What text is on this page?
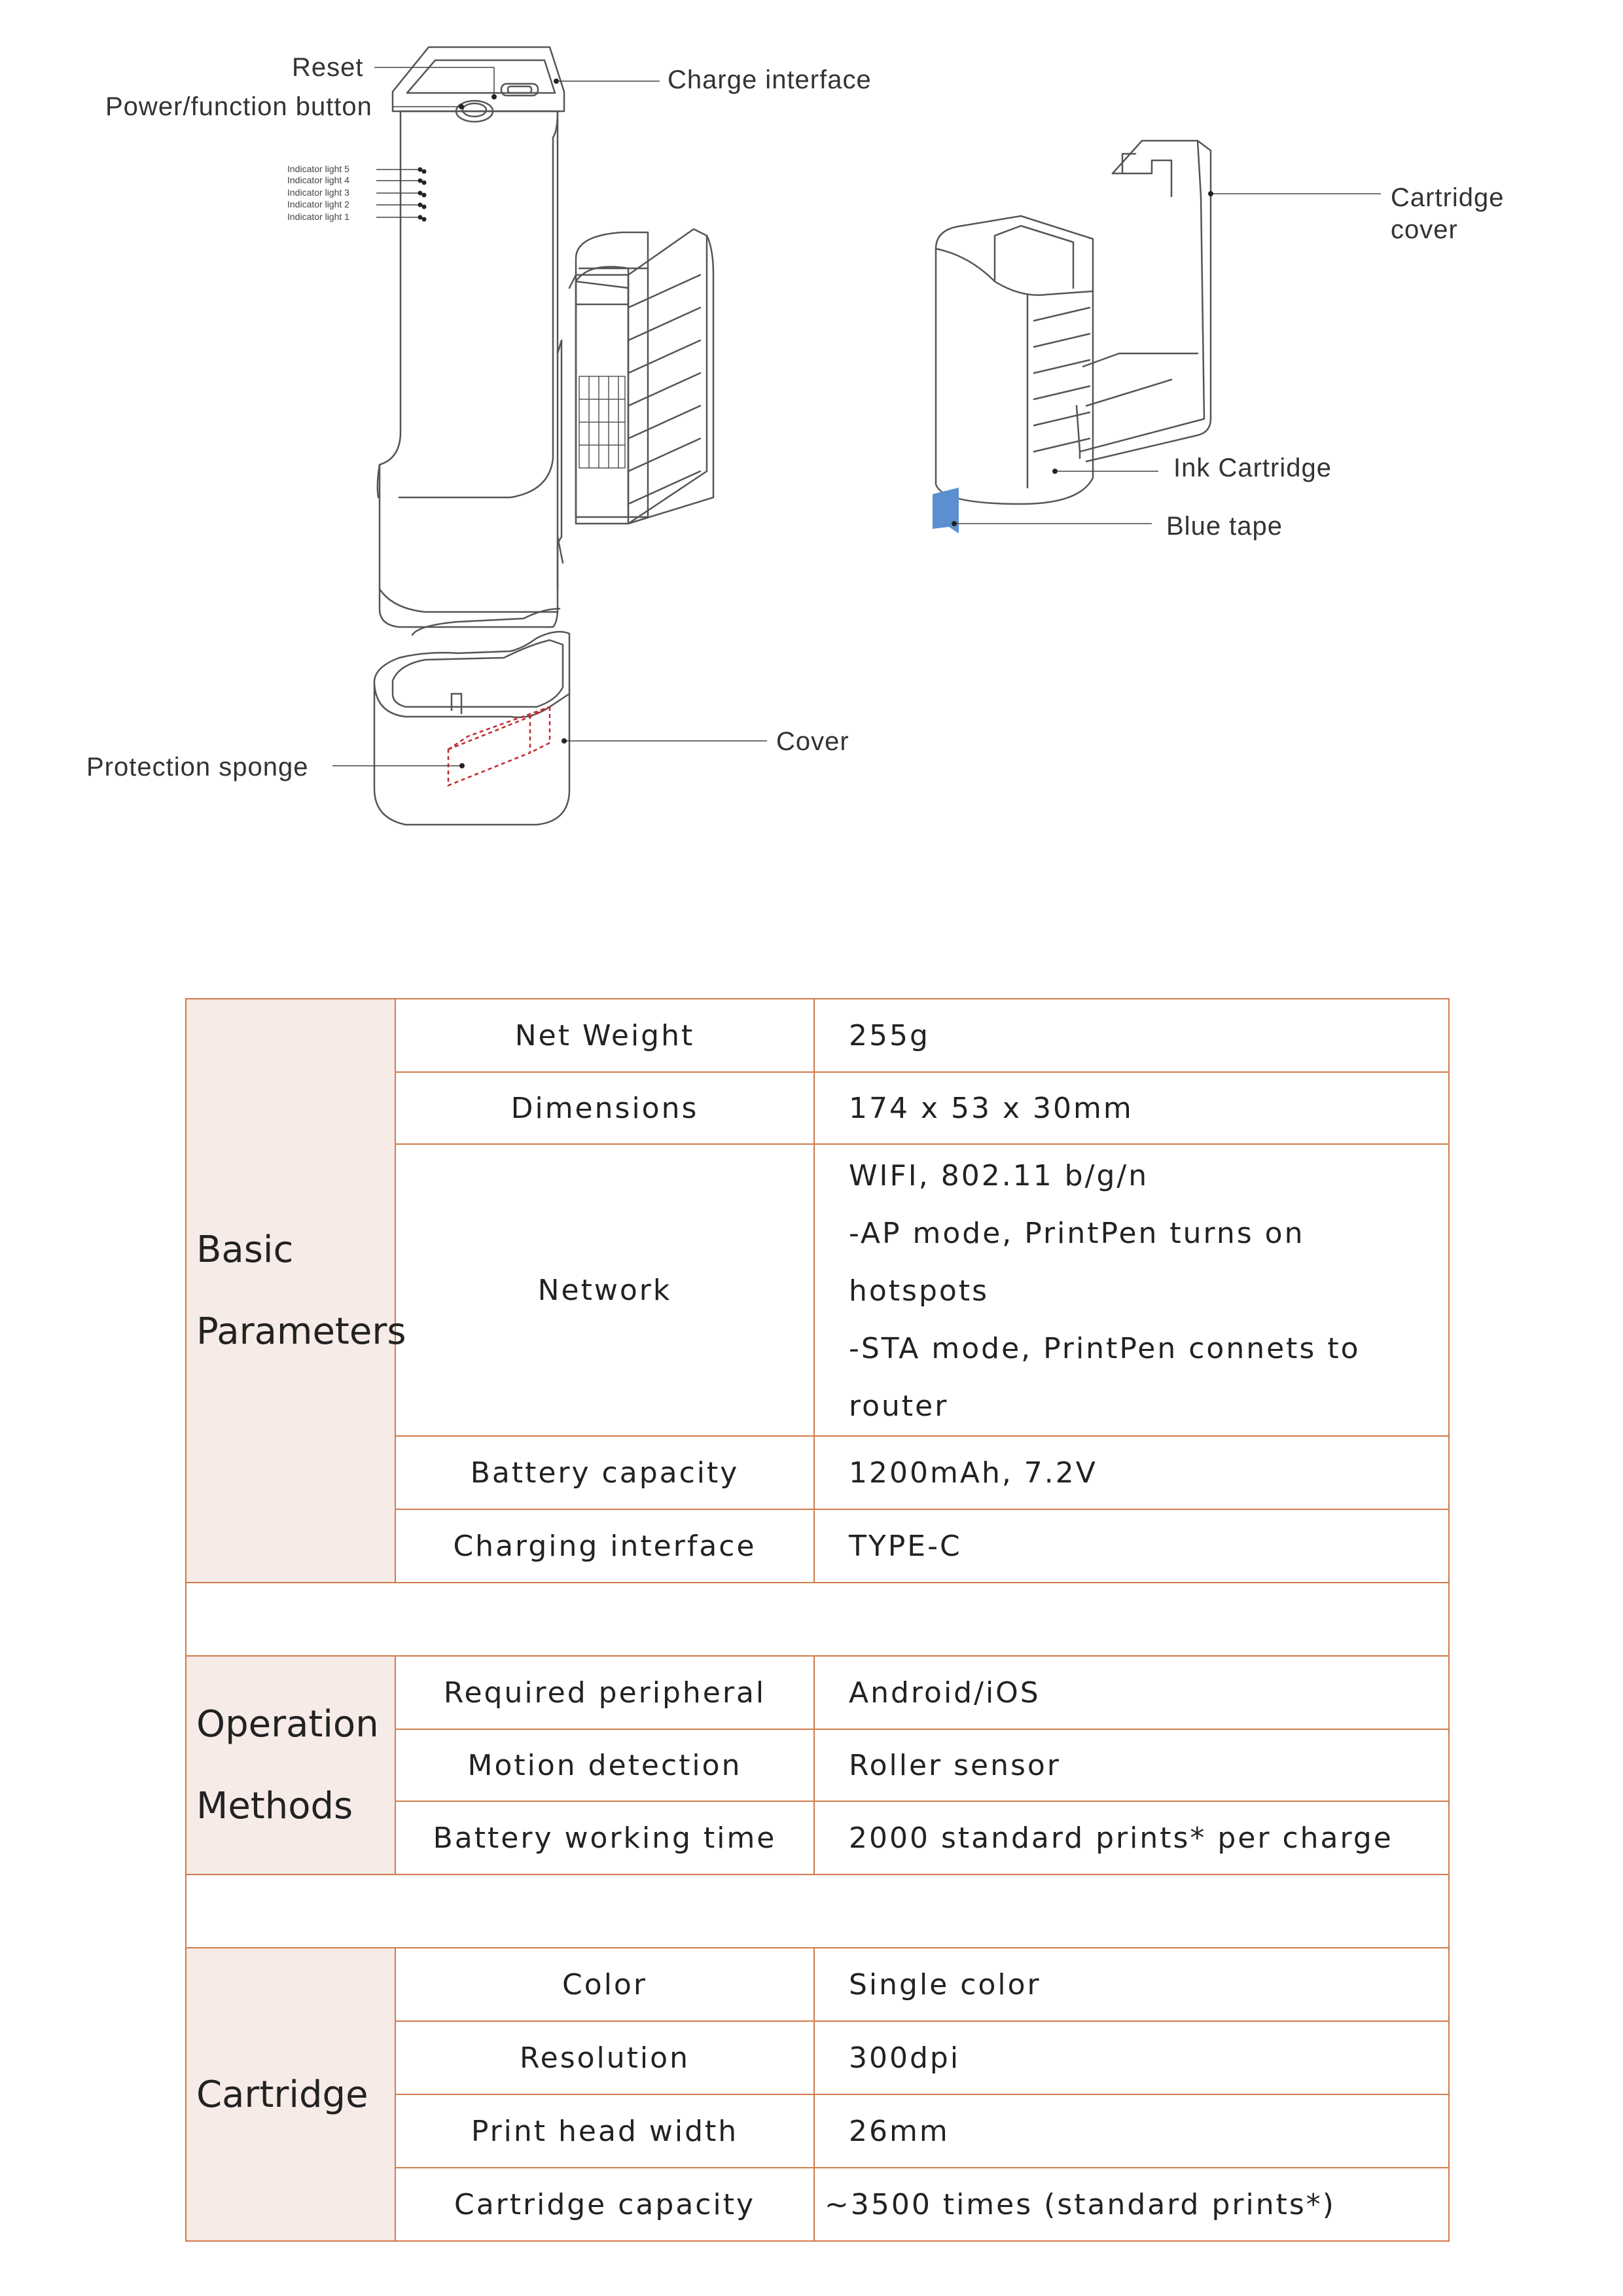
Reset
Power/function button
Charge interface
Indicator light 5
Indicator light 4
Indicator light 3
Indicator light 2
Indicator light 1
Cartridge
cover
Ink Cartridge
Blue tape
Cover
Protection sponge
Basic
Parameters	Net Weight	255g

	Dimensions	174 x 53 x 30mm

	Network	WIFI, 802.11 b/g/n
-AP mode, PrintPen turns on hotspots
-STA mode, PrintPen connets to router

	Battery capacity	1200mAh, 7.2V

	Charging interface	TYPE-C

Operation
Methods	Required peripheral	Android/iOS

	Motion detection	Roller sensor

	Battery working time	2000 standard prints* per charge

Cartridge	Color	Single color

	Resolution	300dpi

	Print head width	26mm

	Cartridge capacity	~3500 times (standard prints*)
